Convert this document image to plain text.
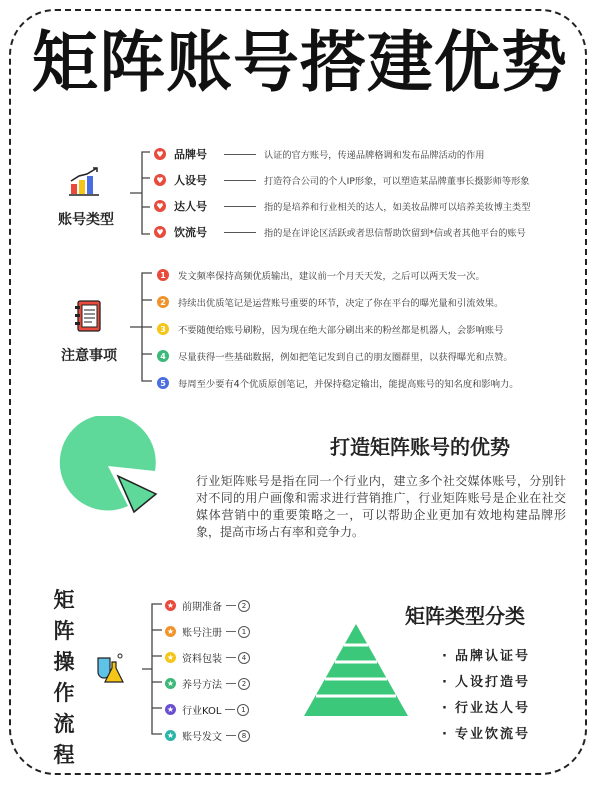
矩阵账号搭建优势
账号类型
♥ 品牌号	认证的官方账号，传递品牌格调和发布品牌活动的作用
♥ 人设号	打造符合公司的个人IP形象，可以塑造某品牌董事长摄影师等形象
♥ 达人号	指的是培养和行业相关的达人，如美妆品牌可以培养美妆博主类型
♥ 饮流号	指的是在评论区活跃或者思信帮助饮留到*信或者其他平台的账号
注意事项
1	发文频率保持高频优质输出，建议前一个月天天发，之后可以两天发一次。
2	持续出优质笔记是运营账号重要的环节，决定了你在平台的曝光量和引流效果。
3	不要随便给账号刷粉，因为现在绝大部分刷出来的粉丝都是机器人，会影响账号
4	尽量获得一些基础数据，例如把笔记发到自己的朋友圈群里，以获得曝光和点赞。
5	每周至少要有4个优质原创笔记，并保持稳定输出，能提高账号的知名度和影响力。
打造矩阵账号的优势
行业矩阵账号是指在同一个行业内，建立多个社交媒体账号，分别针对不同的用户画像和需求进行营销推广，行业矩阵账号是企业在社交媒体营销中的重要策略之一，可以帮助企业更加有效地构建品牌形象，提高市场占有率和竞争力。
矩
阵
操
作
流
程
★ 前期准备	2
★ 账号注册	1
★ 资料包装	4
★ 养号方法	2
★ 行业KOL	1
★ 账号发文	8
矩阵类型分类
· 品牌认证号
· 人设打造号
· 行业达人号
· 专业饮流号
